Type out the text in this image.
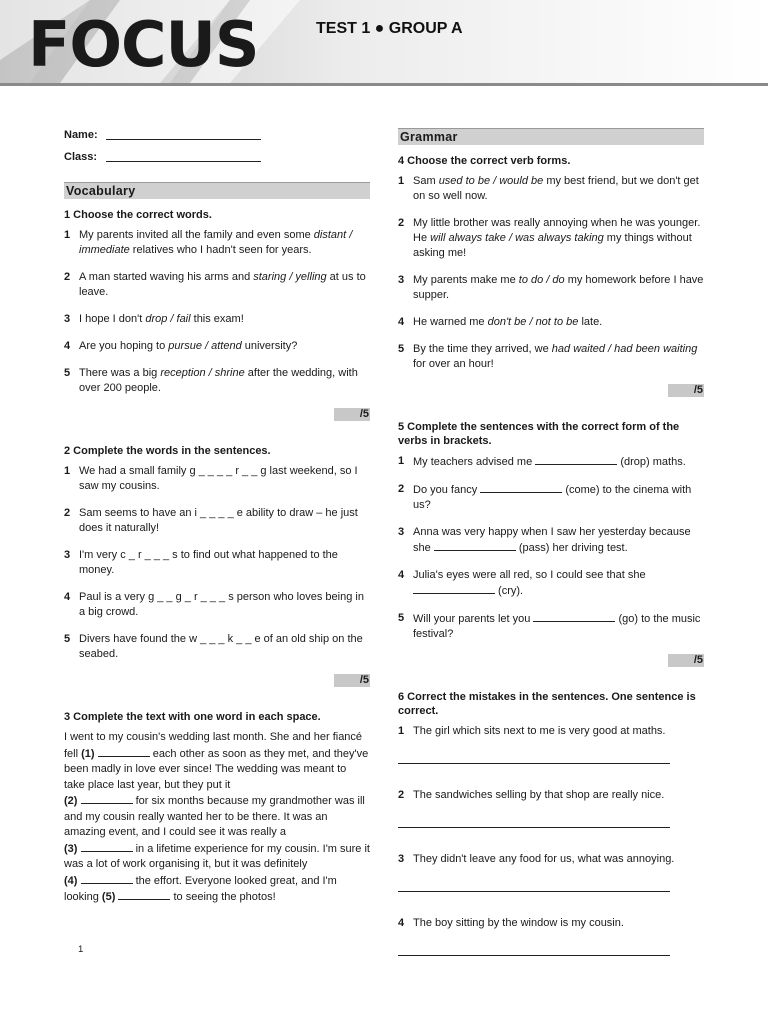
FOCUS	TEST 1 ● GROUP A
Name:
Class:
Vocabulary
1 Choose the correct words.
1 My parents invited all the family and even some distant / immediate relatives who I hadn't seen for years.
2 A man started waving his arms and staring / yelling at us to leave.
3 I hope I don't drop / fail this exam!
4 Are you hoping to pursue / attend university?
5 There was a big reception / shrine after the wedding, with over 200 people.
/5
2 Complete the words in the sentences.
1 We had a small family g _ _ _ _ r _ _ g last weekend, so I saw my cousins.
2 Sam seems to have an i _ _ _ _ e ability to draw – he just does it naturally!
3 I'm very c _ r _ _ _ s to find out what happened to the money.
4 Paul is a very g _ _ g _ r _ _ _ s person who loves being in a big crowd.
5 Divers have found the w _ _ _ k _ _ e of an old ship on the seabed.
/5
3 Complete the text with one word in each space.
I went to my cousin's wedding last month. She and her fiancé fell (1)	each other as soon as they met, and they've been madly in love ever since! The wedding was meant to take place last year, but they put it
(2)	for six months because my grandmother was ill and my cousin really wanted her to be there. It was an amazing event, and I could see it was really a
(3)	in a lifetime experience for my cousin. I'm sure it was a lot of work organising it, but it was definitely
(4)	the effort. Everyone looked great, and I'm looking (5)	to seeing the photos!
Grammar
4 Choose the correct verb forms.
1 Sam used to be / would be my best friend, but we don't get on so well now.
2 My little brother was really annoying when he was younger. He will always take / was always taking my things without asking me!
3 My parents make me to do / do my homework before I have supper.
4 He warned me don't be / not to be late.
5 By the time they arrived, we had waited / had been waiting for over an hour!
/5
5 Complete the sentences with the correct form of the verbs in brackets.
1 My teachers advised me	(drop) maths.
2 Do you fancy	(come) to the cinema with us?
3 Anna was very happy when I saw her yesterday because she	(pass) her driving test.
4 Julia's eyes were all red, so I could see that she  (cry).
5 Will your parents let you	(go) to the music festival?
/5
6 Correct the mistakes in the sentences. One sentence is correct.
1 The girl which sits next to me is very good at maths.
2 The sandwiches selling by that shop are really nice.
3 They didn't leave any food for us, what was annoying.
4 The boy sitting by the window is my cousin.
1
